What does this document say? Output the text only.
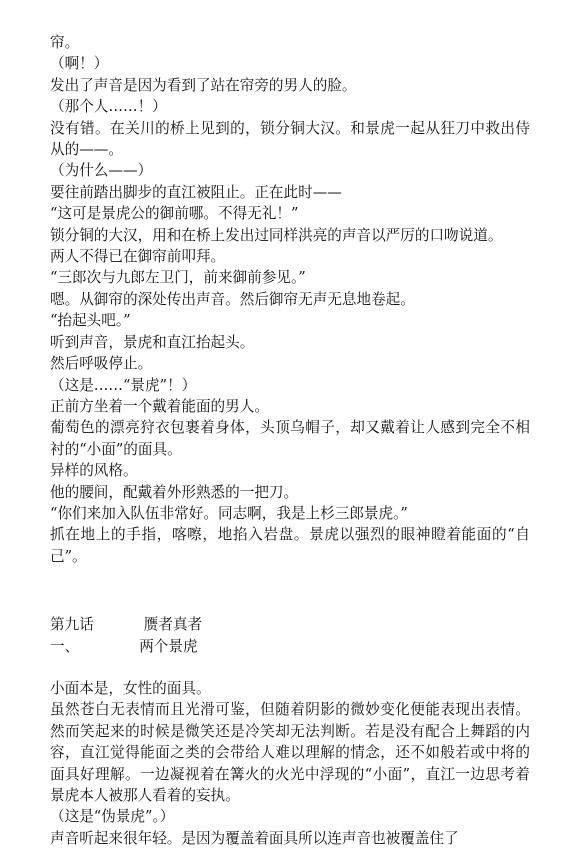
帘。
（啊！）
发出了声音是因为看到了站在帘旁的男人的脸。
（那个人……！）
没有错。在关川的桥上见到的，锁分铜大汉。和景虎一起从狂刀中救出侍从的——。
（为什么——）
要往前踏出脚步的直江被阻止。正在此时——
“这可是景虎公的御前哪。不得无礼！”
锁分铜的大汉，用和在桥上发出过同样洪亮的声音以严厉的口吻说道。
两人不得已在御帘前叩拜。
“三郎次与九郎左卫门，前来御前参见。”
嗯。从御帘的深处传出声音。然后御帘无声无息地卷起。
“抬起头吧。”
听到声音，景虎和直江抬起头。
然后呼吸停止。
（这是……“景虎”！）
正前方坐着一个戴着能面的男人。
葡萄色的漂亮狩衣包裹着身体，头顶乌帽子，却又戴着让人感到完全不相衬的“小面”的面具。
异样的风格。
他的腰间，配戴着外形熟悉的一把刀。
“你们来加入队伍非常好。同志啊，我是上杉三郎景虎。”
抓在地上的手指，喀嚓，地掐入岩盘。景虎以强烈的眼神瞪着能面的“自己”。
第九话	赝者真者
一、	两个景虎
小面本是，女性的面具。
虽然苍白无表情而且光滑可鉴，但随着阴影的微妙变化便能表现出表情。然而笑起来的时候是微笑还是冷笑却无法判断。若是没有配合上舞蹈的内容，直江觉得能面之类的会带给人难以理解的情念，还不如般若或中将的面具好理解。一边凝视着在篝火的火光中浮现的“小面”，直江一边思考着景虎本人被那人看着的妄执。
（这是“伪景虎”。）
声音听起来很年轻。是因为覆盖着面具所以连声音也被覆盖住了
